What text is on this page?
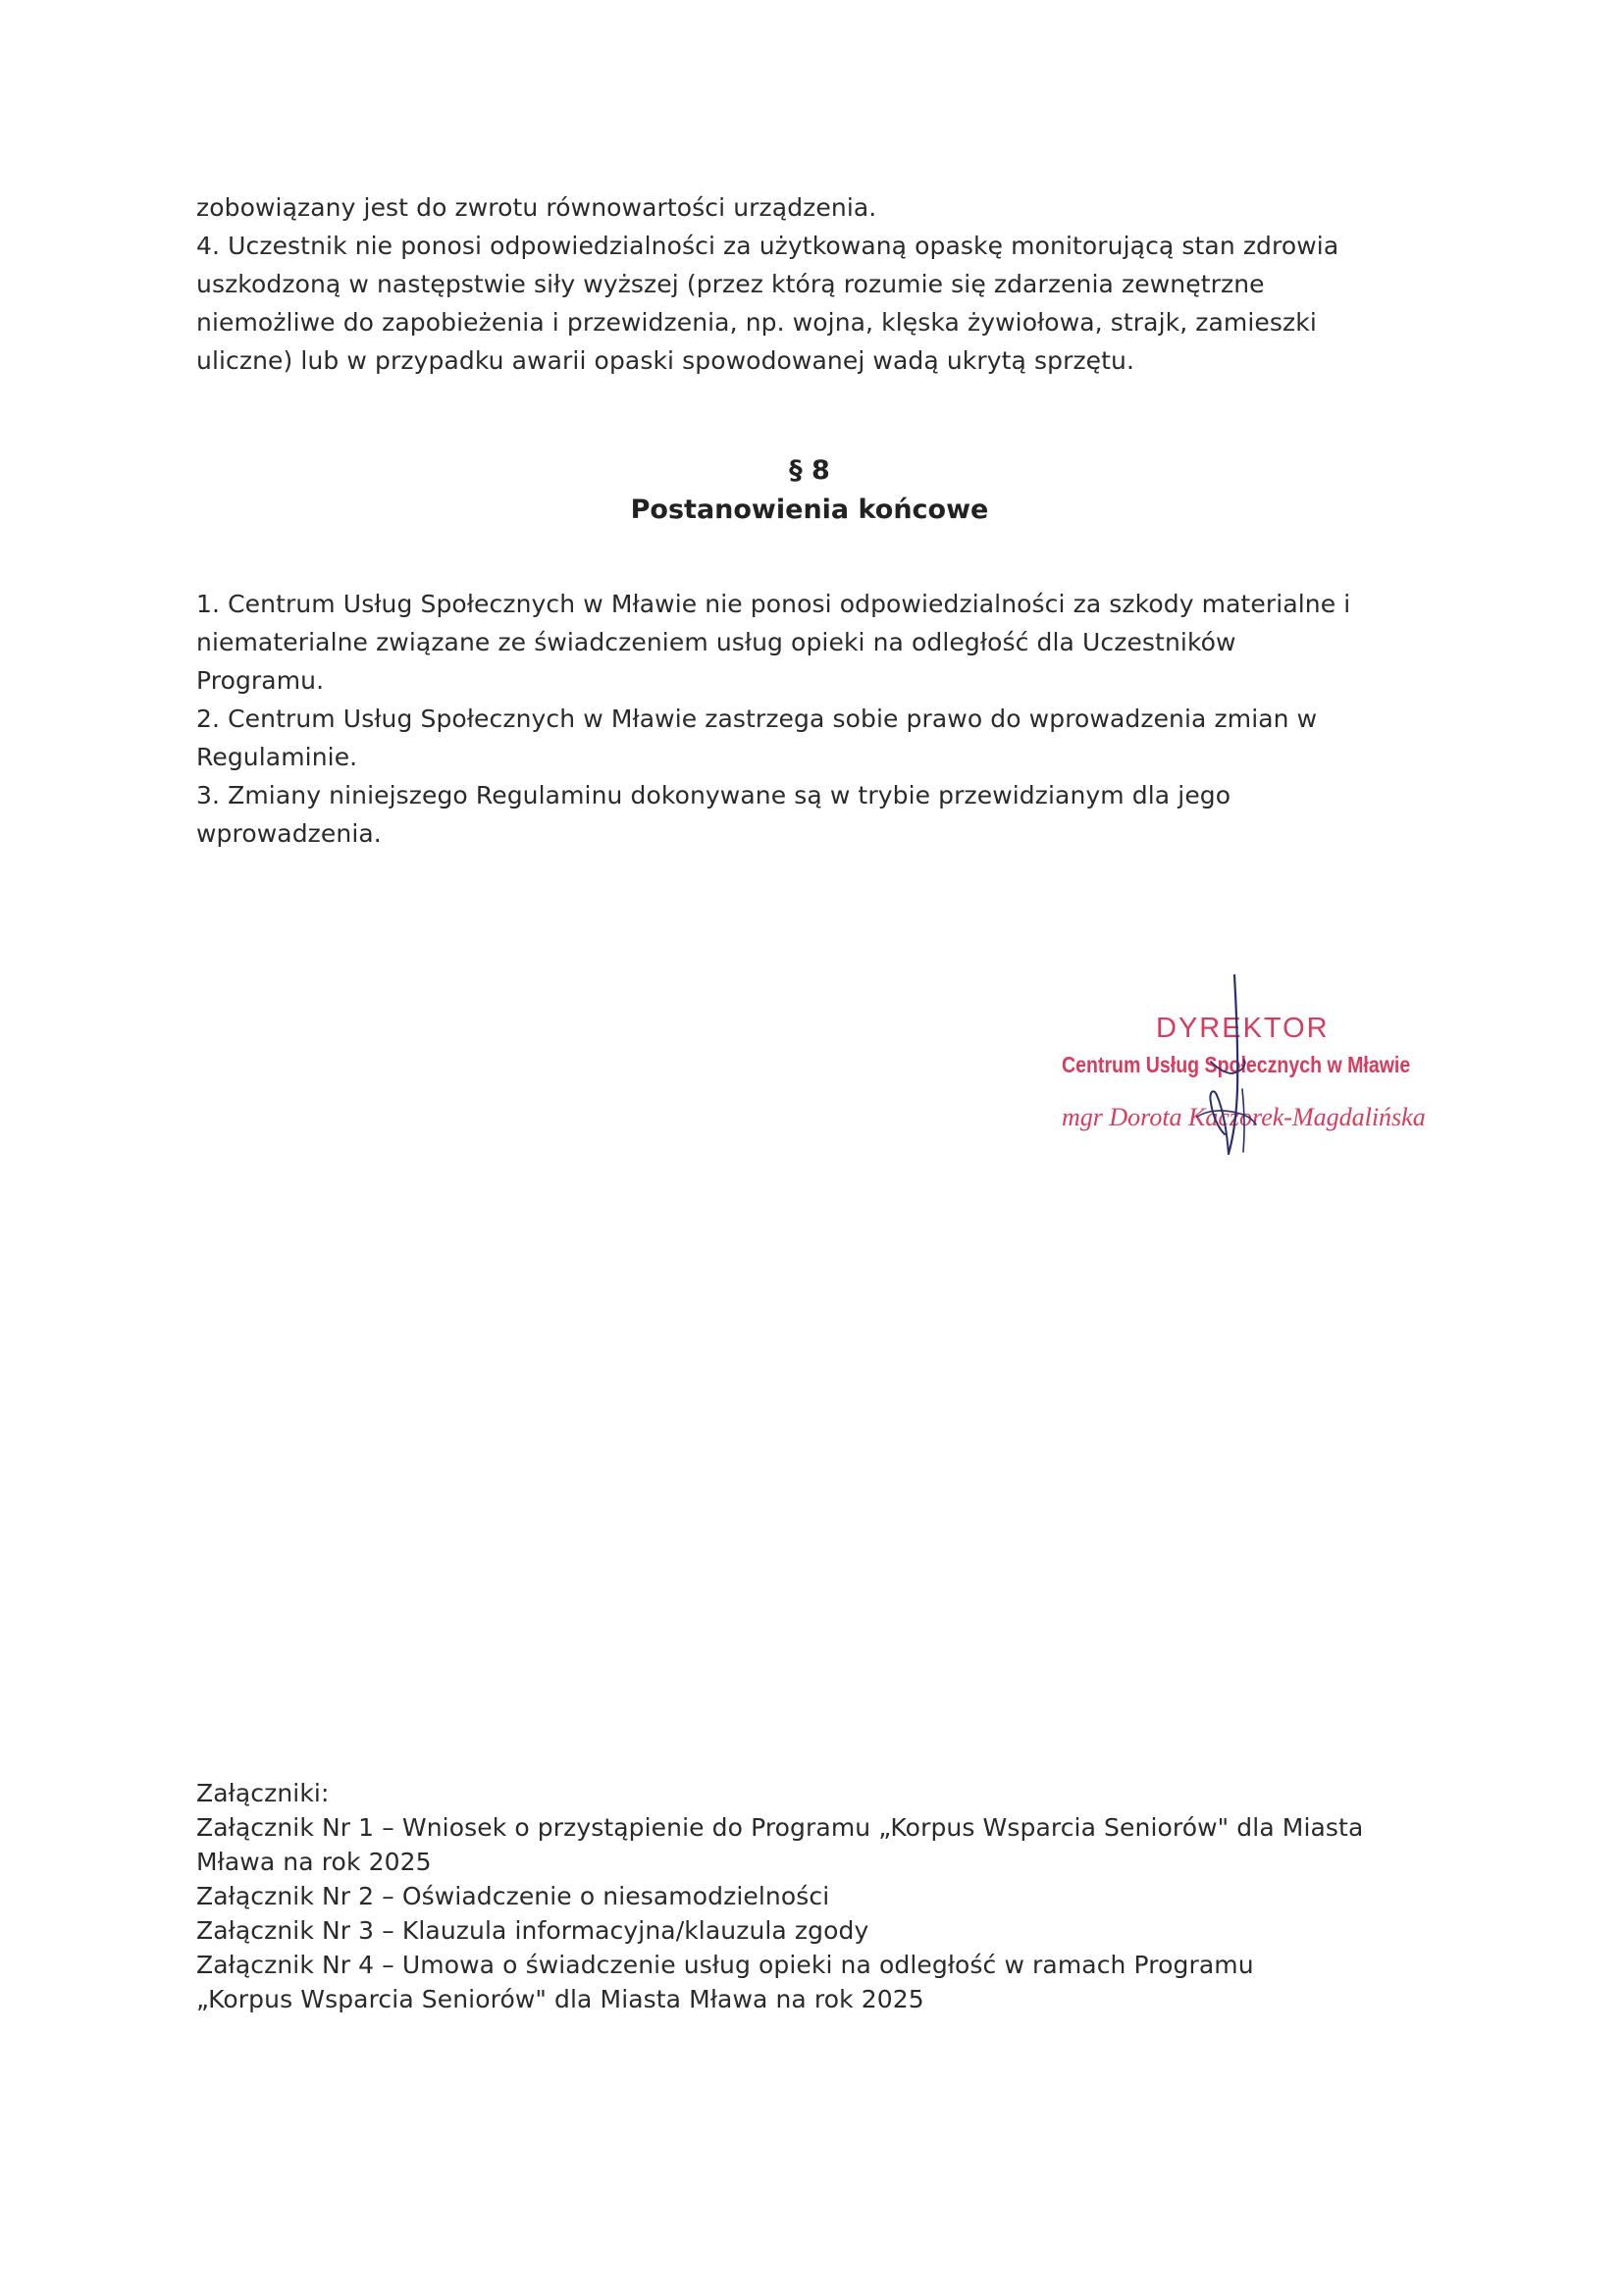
zobowiązany jest do zwrotu równowartości urządzenia.
4. Uczestnik nie ponosi odpowiedzialności za użytkowaną opaskę monitorującą stan zdrowia
uszkodzoną w następstwie siły wyższej (przez którą rozumie się zdarzenia zewnętrzne
niemożliwe do zapobieżenia i przewidzenia, np. wojna, klęska żywiołowa, strajk, zamieszki
uliczne) lub w przypadku awarii opaski spowodowanej wadą ukrytą sprzętu.
§ 8
Postanowienia końcowe
1. Centrum Usług Społecznych w Mławie nie ponosi odpowiedzialności za szkody materialne i
niematerialne związane ze świadczeniem usług opieki na odległość dla Uczestników
Programu.
2. Centrum Usług Społecznych w Mławie zastrzega sobie prawo do wprowadzenia zmian w
Regulaminie.
3. Zmiany niniejszego Regulaminu dokonywane są w trybie przewidzianym dla jego
wprowadzenia.
DYREKTOR
Centrum Usług Społecznych w Mławie
mgr Dorota Kaczorek-Magdalińska
Załączniki:
Załącznik Nr 1 – Wniosek o przystąpienie do Programu „Korpus Wsparcia Seniorów" dla Miasta
Mława na rok 2025
Załącznik Nr 2 – Oświadczenie o niesamodzielności
Załącznik Nr 3 – Klauzula informacyjna/klauzula zgody
Załącznik Nr 4 – Umowa o świadczenie usług opieki na odległość w ramach Programu
„Korpus Wsparcia Seniorów" dla Miasta Mława na rok 2025
